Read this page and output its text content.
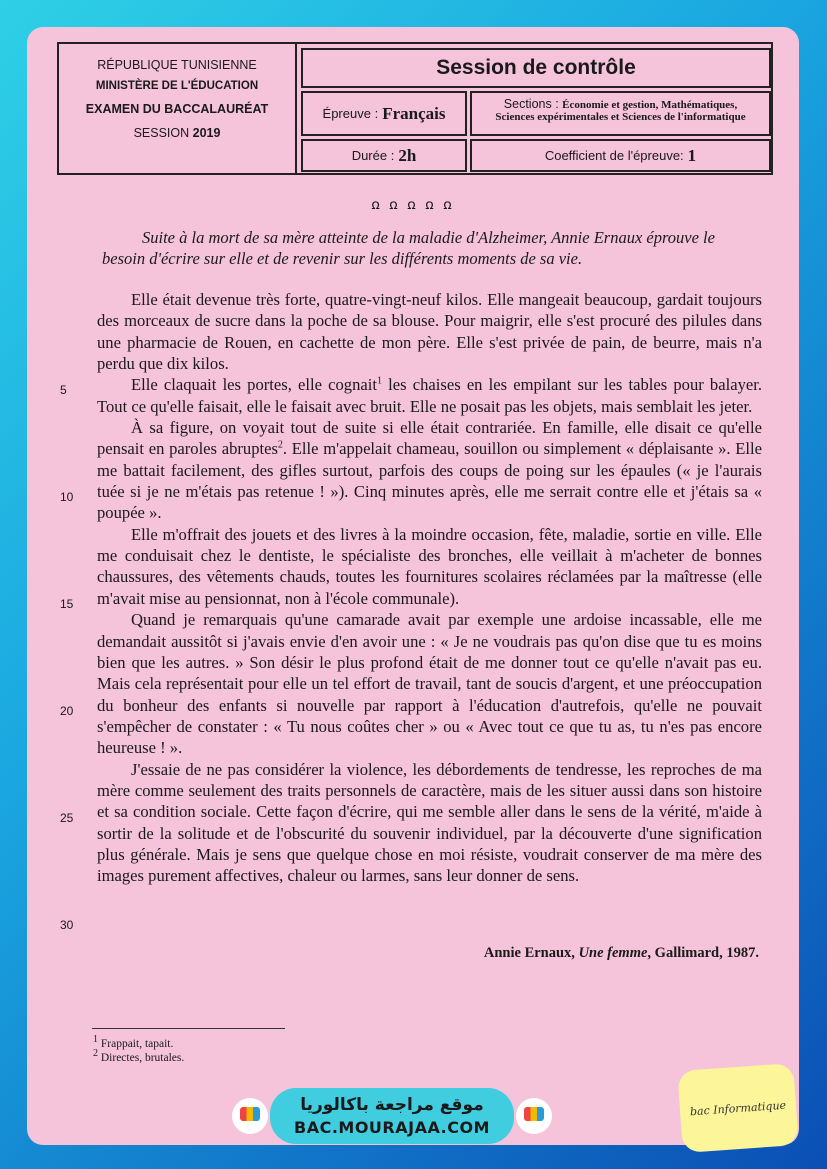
RÉPUBLIQUE TUNISIENNE
MINISTÈRE DE L'ÉDUCATION
EXAMEN DU BACCALAURÉAT
SESSION 2019
Session de contrôle
Épreuve : Français	Sections : Économie et gestion, Mathématiques,
Sciences expérimentales et Sciences de l'informatique
Durée : 2h	Coefficient de l'épreuve: 1
ꭥ ꭥ ꭥ ꭥ ꭥ

Suite à la mort de sa mère atteinte de la maladie d'Alzheimer, Annie Ernaux éprouve le besoin d'écrire sur elle et de revenir sur les différents moments de sa vie.

Elle était devenue très forte, quatre-vingt-neuf kilos. Elle mangeait beaucoup, gardait toujours des morceaux de sucre dans la poche de sa blouse. Pour maigrir, elle s'est procuré des pilules dans une pharmacie de Rouen, en cachette de mon père. Elle s'est privée de pain, de beurre, mais n'a perdu que dix kilos.

Elle claquait les portes, elle cognait$^1$ les chaises en les empilant sur les tables pour balayer. Tout ce qu'elle faisait, elle le faisait avec bruit. Elle ne posait pas les objets, mais semblait les jeter.

À sa figure, on voyait tout de suite si elle était contrariée. En famille, elle disait ce qu'elle pensait en paroles abruptes$^2$. Elle m'appelait chameau, souillon ou simplement « déplaisante ». Elle me battait facilement, des gifles surtout, parfois des coups de poing sur les épaules (« je l'aurais tuée si je ne m'étais pas retenue ! »). Cinq minutes après, elle me serrait contre elle et j'étais sa « poupée ».

Elle m'offrait des jouets et des livres à la moindre occasion, fête, maladie, sortie en ville. Elle me conduisait chez le dentiste, le spécialiste des bronches, elle veillait à m'acheter de bonnes chaussures, des vêtements chauds, toutes les fournitures scolaires réclamées par la maîtresse (elle m'avait mise au pensionnat, non à l'école communale).

Quand je remarquais qu'une camarade avait par exemple une ardoise incassable, elle me demandait aussitôt si j'avais envie d'en avoir une : « Je ne voudrais pas qu'on dise que tu es moins bien que les autres. » Son désir le plus profond était de me donner tout ce qu'elle n'avait pas eu. Mais cela représentait pour elle un tel effort de travail, tant de soucis d'argent, et une préoccupation du bonheur des enfants si nouvelle par rapport à l'éducation d'autrefois, qu'elle ne pouvait s'empêcher de constater : « Tu nous coûtes cher » ou « Avec tout ce que tu as, tu n'es pas encore heureuse ! ».

J'essaie de ne pas considérer la violence, les débordements de tendresse, les reproches de ma mère comme seulement des traits personnels de caractère, mais de les situer aussi dans son histoire et sa condition sociale. Cette façon d'écrire, qui me semble aller dans le sens de la vérité, m'aide à sortir de la solitude et de l'obscurité du souvenir individuel, par la découverte d'une signification plus générale. Mais je sens que quelque chose en moi résiste, voudrait conserver de ma mère des images purement affectives, chaleur ou larmes, sans leur donner de sens.

5
10
15
20
25
30
Annie Ernaux, Une femme, Gallimard, 1987.
$^1$ Frappait, tapait.
$^2$ Directes, brutales.
موقع مراجعة باكالوريا
BAC.MOURAJAA.COM
bac Informatique
